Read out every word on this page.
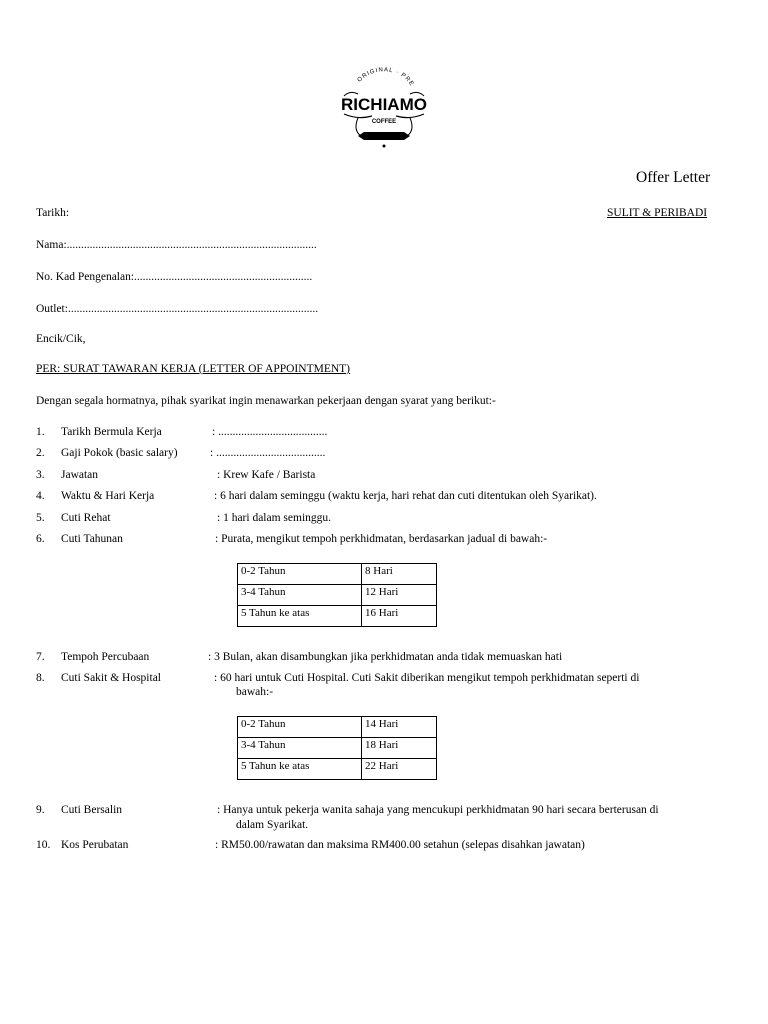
ORIGINAL · PRE
RICHIAMO
COFFEE
Offer Letter
Tarikh:	SULIT & PERIBADI
Nama:.......................................................................................
No. Kad Pengenalan:..............................................................
Outlet:.......................................................................................
Encik/Cik,
PER: SURAT TAWARAN KERJA (LETTER OF APPOINTMENT)
Dengan segala hormatnya, pihak syarikat ingin menawarkan pekerjaan dengan syarat yang berikut:-
1. Tarikh Bermula Kerja	: ......................................
2. Gaji Pokok (basic salary)	: ......................................
3. Jawatan	: Krew Kafe / Barista
4. Waktu & Hari Kerja	: 6 hari dalam seminggu (waktu kerja, hari rehat dan cuti ditentukan oleh Syarikat).
5. Cuti Rehat	: 1 hari dalam seminggu.
6. Cuti Tahunan	: Purata, mengikut tempoh perkhidmatan, berdasarkan jadual di bawah:-
0-2 Tahun	8 Hari
3-4 Tahun	12 Hari
5 Tahun ke atas	16 Hari
7. Tempoh Percubaan	: 3 Bulan, akan disambungkan jika perkhidmatan anda tidak memuaskan hati
8. Cuti Sakit & Hospital	: 60 hari untuk Cuti Hospital. Cuti Sakit diberikan mengikut tempoh perkhidmatan seperti di
bawah:-
0-2 Tahun	14 Hari
3-4 Tahun	18 Hari
5 Tahun ke atas	22 Hari
9. Cuti Bersalin	: Hanya untuk pekerja wanita sahaja yang mencukupi perkhidmatan 90 hari secara berterusan di
dalam Syarikat.
10. Kos Perubatan	: RM50.00/rawatan dan maksima RM400.00 setahun (selepas disahkan jawatan)
